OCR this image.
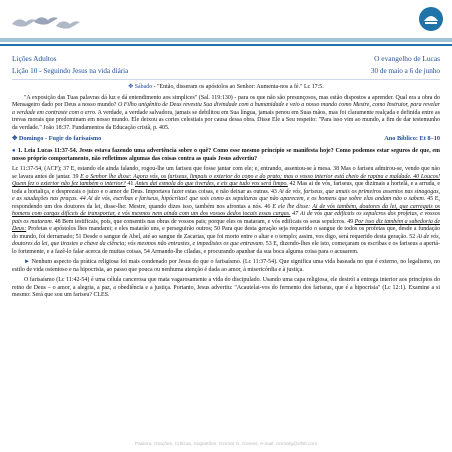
Lições Adultos	O evangelho de Lucas
Lição 10 - Seguindo Jesus na vida diária	30 de maio a 6 de junho

✥ Sábado - "Então, disseram os apóstolos ao Senhor: Aumenta-nos a fé." Lc 17:5.

"A exposição das Tuas palavras dá luz e dá entendimento aos simplices" (Sal. 119:130) - para os que não são presunçosos, mas estão dispostos a aprender. Qual era a obra do Mensageiro dado por Deus a nosso mundo? O Filho unigênito de Deus revestiu Sua divindade com a humanidade e veio a nosso mundo como Mestre, como Instrutor, para revelar a verdade em contraste com o erro. A verdade, a verdade salvadora, jamais se debilitou em Sua língua, jamais penou em Suas mãos, mas foi claramente realçada e definida entre as trevas morais que predominam em nosso mundo. Ele deixou as cortes celestiais por causa dessa obra. Disse Ele a Seu respeito: "Para isso vim ao mundo, a fim de dar testemunho da verdade." João 18:37. Fundamentos da Educação cristã, p. 405.

✥ Domingo - Fugir do farisaísmo	Ano Bíblico: Et 8–10

● 1. Leia Lucas 11:37-54. Jesus estava fazendo uma advertência sobre o quê? Como esse mesmo princípio se manifesta hoje? Como podemos estar seguros de que, em nosso próprio comportamento, não refletimos algumas das coisas contra as quais Jesus advertiu?

Lc 11:37-54, (ACF); 37 E, estando ele ainda falando, rogou-lhe um fariseu que fosse jantar com ele; e, entrando, assentou-se à mesa. 38 Mas o fariseu admirou-se, vendo que não se lavara antes de jantar. 39 E o Senhor lhe disse: Agora vós, os fariseus, limpais o exterior do copo e do prato; mas o vosso interior está cheio de rapina e maldade. 40 Loucos! Quem fez o exterior não fez também o interior? 41 Antes dai esmola do que tiverdes, e eis que tudo vos será limpo. 42 Mas ai de vós, fariseus, que dizimais a hortelã, e a arruda, e toda a hortaliça, e desprezais o juízo e o amor de Deus. Importava fazer estas coisas, e não deixar as outras. 43 Ai de vós, fariseus, que amais os primeiros assentos nas sinagogas, e as saudações nas praças. 44 Ai de vós, escribas e fariseus, hipócritas! que sois como as sepulturas que não aparecem, e os homens que sobre elas andam não o sabem. 45 E, respondendo um dos doutores da lei, disse-lhe: Mestre, quando dizes isso, também nos afrontas a nós. 46 E ele lhe disse: Ai de vós também, doutores da lei, que carregais os homens com cargas difíceis de transportar, e vós mesmos nem ainda com um dos vossos dedos tocais essas cargas. 47 Ai de vós que edificais os sepulcros dos profetas, e vossos pais os mataram. 48 Bem testificais, pois, que consentis nas obras de vossos pais; porque eles os mataram, e vós edificais os seus sepulcros. 49 Por isso diz também a sabedoria de Deus: Profetas e apóstolos lhes mandarei; e eles matarão uns, e perseguirão outros; 50 Para que desta geração seja requerido o sangue de todos os profetas que, desde a fundação do mundo, foi derramado; 51 Desde o sangue de Abel, até ao sangue de Zacarias, que foi morto entre o altar e o templo; assim, vos digo, será requerido desta geração. 52 Ai de vós, doutores da lei, que tirastes a chave da ciência; vós mesmos não entrastes, e impedistes os que entravam. 53 E, dizendo-lhes ele isto, começaram os escribas e os fariseus a apertá-lo fortemente, e a fazê-lo falar acerca de muitas coisas, 54 Armando-lhe ciladas, e procurando apanhar da sua boca alguma coisa para o acusarem.

► Nenhum aspecto da prática religiosa foi mais condenado por Jesus do que o farisaísmo. (Lc 11:37-54). Que significa uma vida baseada no que é externo, no legalismo, no estilo de vida ostentoso e na hipocrisia, ao passo que pouca ou nenhuma atenção é dada ao amor, à misericórdia e à justiça.

O farisaísmo (Lc 11:42-54) é uma célula cancerosa que mata vagarosamente a vida do discipulado. Usando uma capa religiosa, ele destrói a entrega interior aos princípios do reino de Deus – o amor, a alegria, a paz, a obediência e a justiça. Portanto, Jesus advertiu: "Acautelai-vos do fermento dos fariseus, que é a hipocrisia" (Lc 12:1). Examine a si mesmo: Será que sou um fariseu? CLES.

Palavra, Orações, Críticas, Sugestões: Ocimar G. Gomes, e-mail: ocimarg@ofsit.com
